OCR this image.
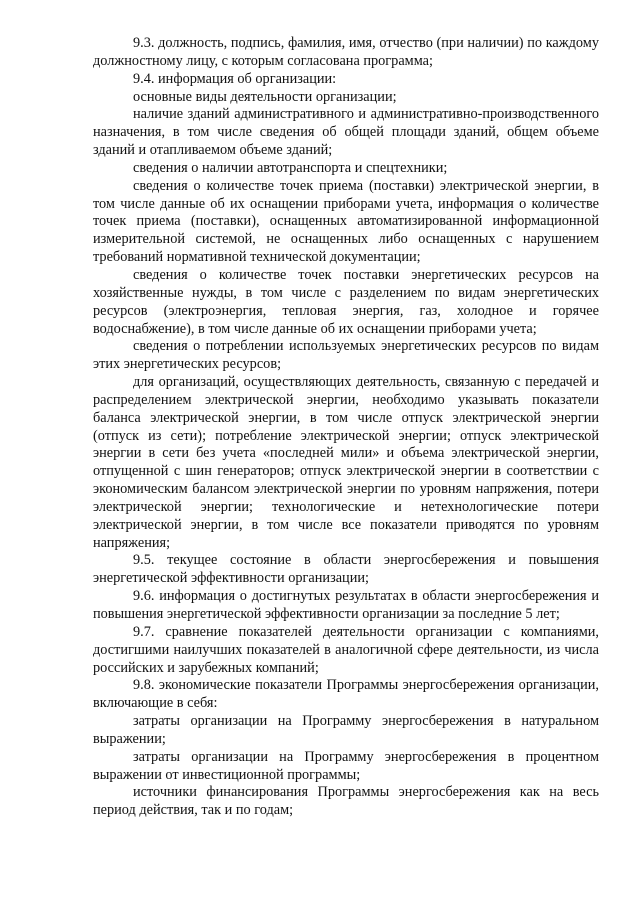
9.3. должность, подпись, фамилия, имя, отчество (при наличии) по каждому должностному лицу, с которым согласована программа;

9.4. информация об организации:

основные виды деятельности организации;

наличие зданий административного и административно-производственного назначения, в том числе сведения об общей площади зданий, общем объеме зданий и отапливаемом объеме зданий;

сведения о наличии автотранспорта и спецтехники;

сведения о количестве точек приема (поставки) электрической энергии, в том числе данные об их оснащении приборами учета, информация о количестве точек приема (поставки), оснащенных автоматизированной информационной измерительной системой, не оснащенных либо оснащенных с нарушением требований нормативной технической документации;

сведения о количестве точек поставки энергетических ресурсов на хозяйственные нужды, в том числе с разделением по видам энергетических ресурсов (электроэнергия, тепловая энергия, газ, холодное и горячее водоснабжение), в том числе данные об их оснащении приборами учета;

сведения о потреблении используемых энергетических ресурсов по видам этих энергетических ресурсов;

для организаций, осуществляющих деятельность, связанную с передачей и распределением электрической энергии, необходимо указывать показатели баланса электрической энергии, в том числе отпуск электрической энергии (отпуск из сети); потребление электрической энергии; отпуск электрической энергии в сети без учета «последней мили» и объема электрической энергии, отпущенной с шин генераторов; отпуск электрической энергии в соответствии с экономическим балансом электрической энергии по уровням напряжения, потери электрической энергии; технологические и нетехнологические потери электрической энергии, в том числе все показатели приводятся по уровням напряжения;

9.5. текущее состояние в области энергосбережения и повышения энергетической эффективности организации;

9.6. информация о достигнутых результатах в области энергосбережения и повышения энергетической эффективности организации за последние 5 лет;

9.7. сравнение показателей деятельности организации с компаниями, достигшими наилучших показателей в аналогичной сфере деятельности, из числа российских и зарубежных компаний;

9.8. экономические показатели Программы энергосбережения организации, включающие в себя:

затраты организации на Программу энергосбережения в натуральном выражении;

затраты организации на Программу энергосбережения в процентном выражении от инвестиционной программы;

источники финансирования Программы энергосбережения как на весь период действия, так и по годам;
